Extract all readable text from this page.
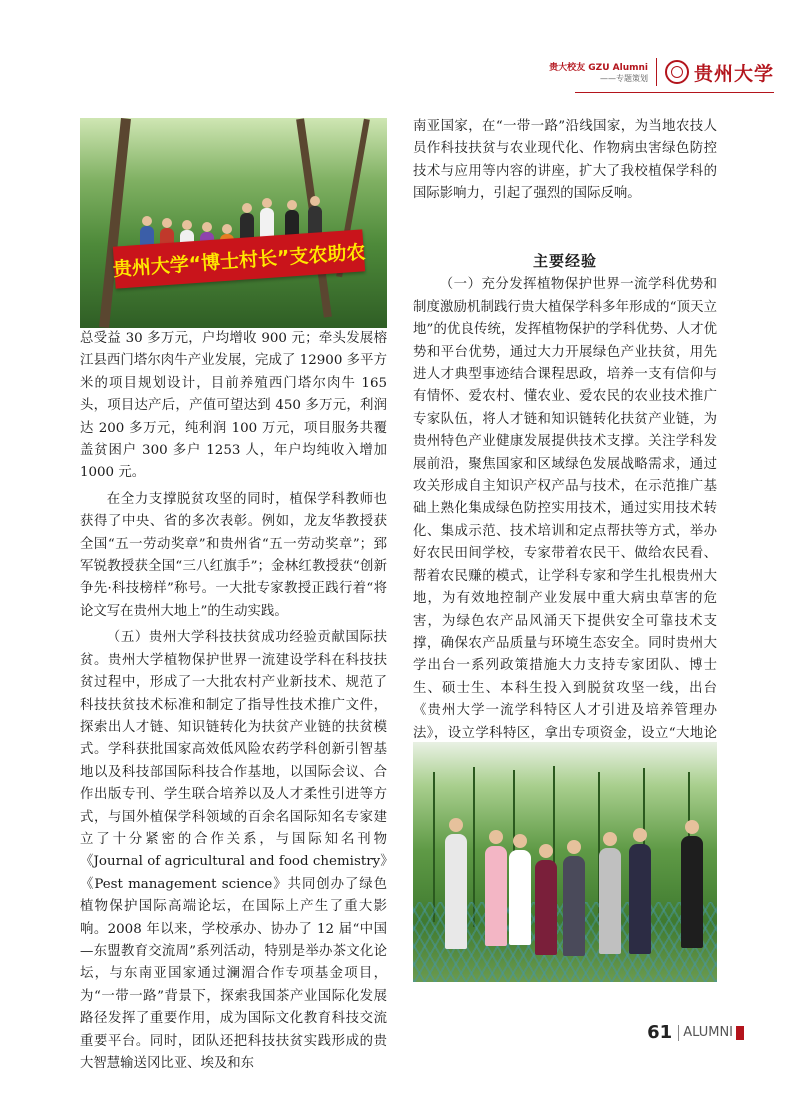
贵大校友 GZU Alumni
——专题策划 贵州大学
贵州大学“博士村长”支农助农

总受益 30 多万元，户均增收 900 元；牵头发展榕江县西门塔尔肉牛产业发展，完成了 12900 多平方米的项目规划设计，目前养殖西门塔尔肉牛 165 头，项目达产后，产值可望达到 450 多万元，利润达 200 多万元，纯利润 100 万元，项目服务共覆盖贫困户 300 多户 1253 人，年户均纯收入增加 1000 元。

在全力支撑脱贫攻坚的同时，植保学科教师也获得了中央、省的多次表彰。例如，龙友华教授获全国“五一劳动奖章”和贵州省“五一劳动奖章”；郅军锐教授获全国“三八红旗手”；金林红教授获“创新争先·科技榜样”称号。一大批专家教授正践行着“将论文写在贵州大地上”的生动实践。

（五）贵州大学科技扶贫成功经验贡献国际扶贫。贵州大学植物保护世界一流建设学科在科技扶贫过程中，形成了一大批农村产业新技术、规范了科技扶贫技术标准和制定了指导性技术推广文件，探索出人才链、知识链转化为扶贫产业链的扶贫模式。学科获批国家高效低风险农药学科创新引智基地以及科技部国际科技合作基地，以国际会议、合作出版专刊、学生联合培养以及人才柔性引进等方式，与国外植保学科领域的百余名国际知名专家建立了十分紧密的合作关系，与国际知名刊物《Journal of agricultural and food chemistry》《Pest management science》共同创办了绿色植物保护国际高端论坛，在国际上产生了重大影响。2008 年以来，学校承办、协办了 12 届“中国—东盟教育交流周”系列活动，特别是举办茶文化论坛，与东南亚国家通过澜湄合作专项基金项目，为“一带一路”背景下，探索我国茶产业国际化发展路径发挥了重要作用，成为国际文化教育科技交流重要平台。同时，团队还把科技扶贫实践形成的贵大智慧输送冈比亚、埃及和东

南亚国家，在“一带一路”沿线国家，为当地农技人员作科技扶贫与农业现代化、作物病虫害绿色防控技术与应用等内容的讲座，扩大了我校植保学科的国际影响力，引起了强烈的国际反响。

主要经验

（一）充分发挥植物保护世界一流学科优势和制度激励机制践行贵大植保学科多年形成的“顶天立地”的优良传统，发挥植物保护的学科优势、人才优势和平台优势，通过大力开展绿色产业扶贫，用先进人才典型事迹结合课程思政，培养一支有信仰与有情怀、爱农村、懂农业、爱农民的农业技术推广专家队伍，将人才链和知识链转化扶贫产业链，为贵州特色产业健康发展提供技术支撑。关注学科发展前沿，聚焦国家和区域绿色发展战略需求，通过攻关形成自主知识产权产品与技术，在示范推广基础上熟化集成绿色防控实用技术，通过实用技术转化、集成示范、技术培训和定点帮扶等方式，举办好农民田间学校，专家带着农民干、做给农民看、帮着农民赚的模式，让学科专家和学生扎根贵州大地，为有效地控制产业发展中重大病虫草害的危害，为绿色农产品风涌天下提供安全可靠技术支撑，确保农产品质量与环境生态安全。同时贵州大学出台一系列政策措施大力支持专家团队、博士生、硕士生、本科生投入到脱贫攻坚一线，出台《贵州大学一流学科特区人才引进及培养管理办法》，设立学科特区，拿出专项资金，设立“大地论

61 ALUMNI
